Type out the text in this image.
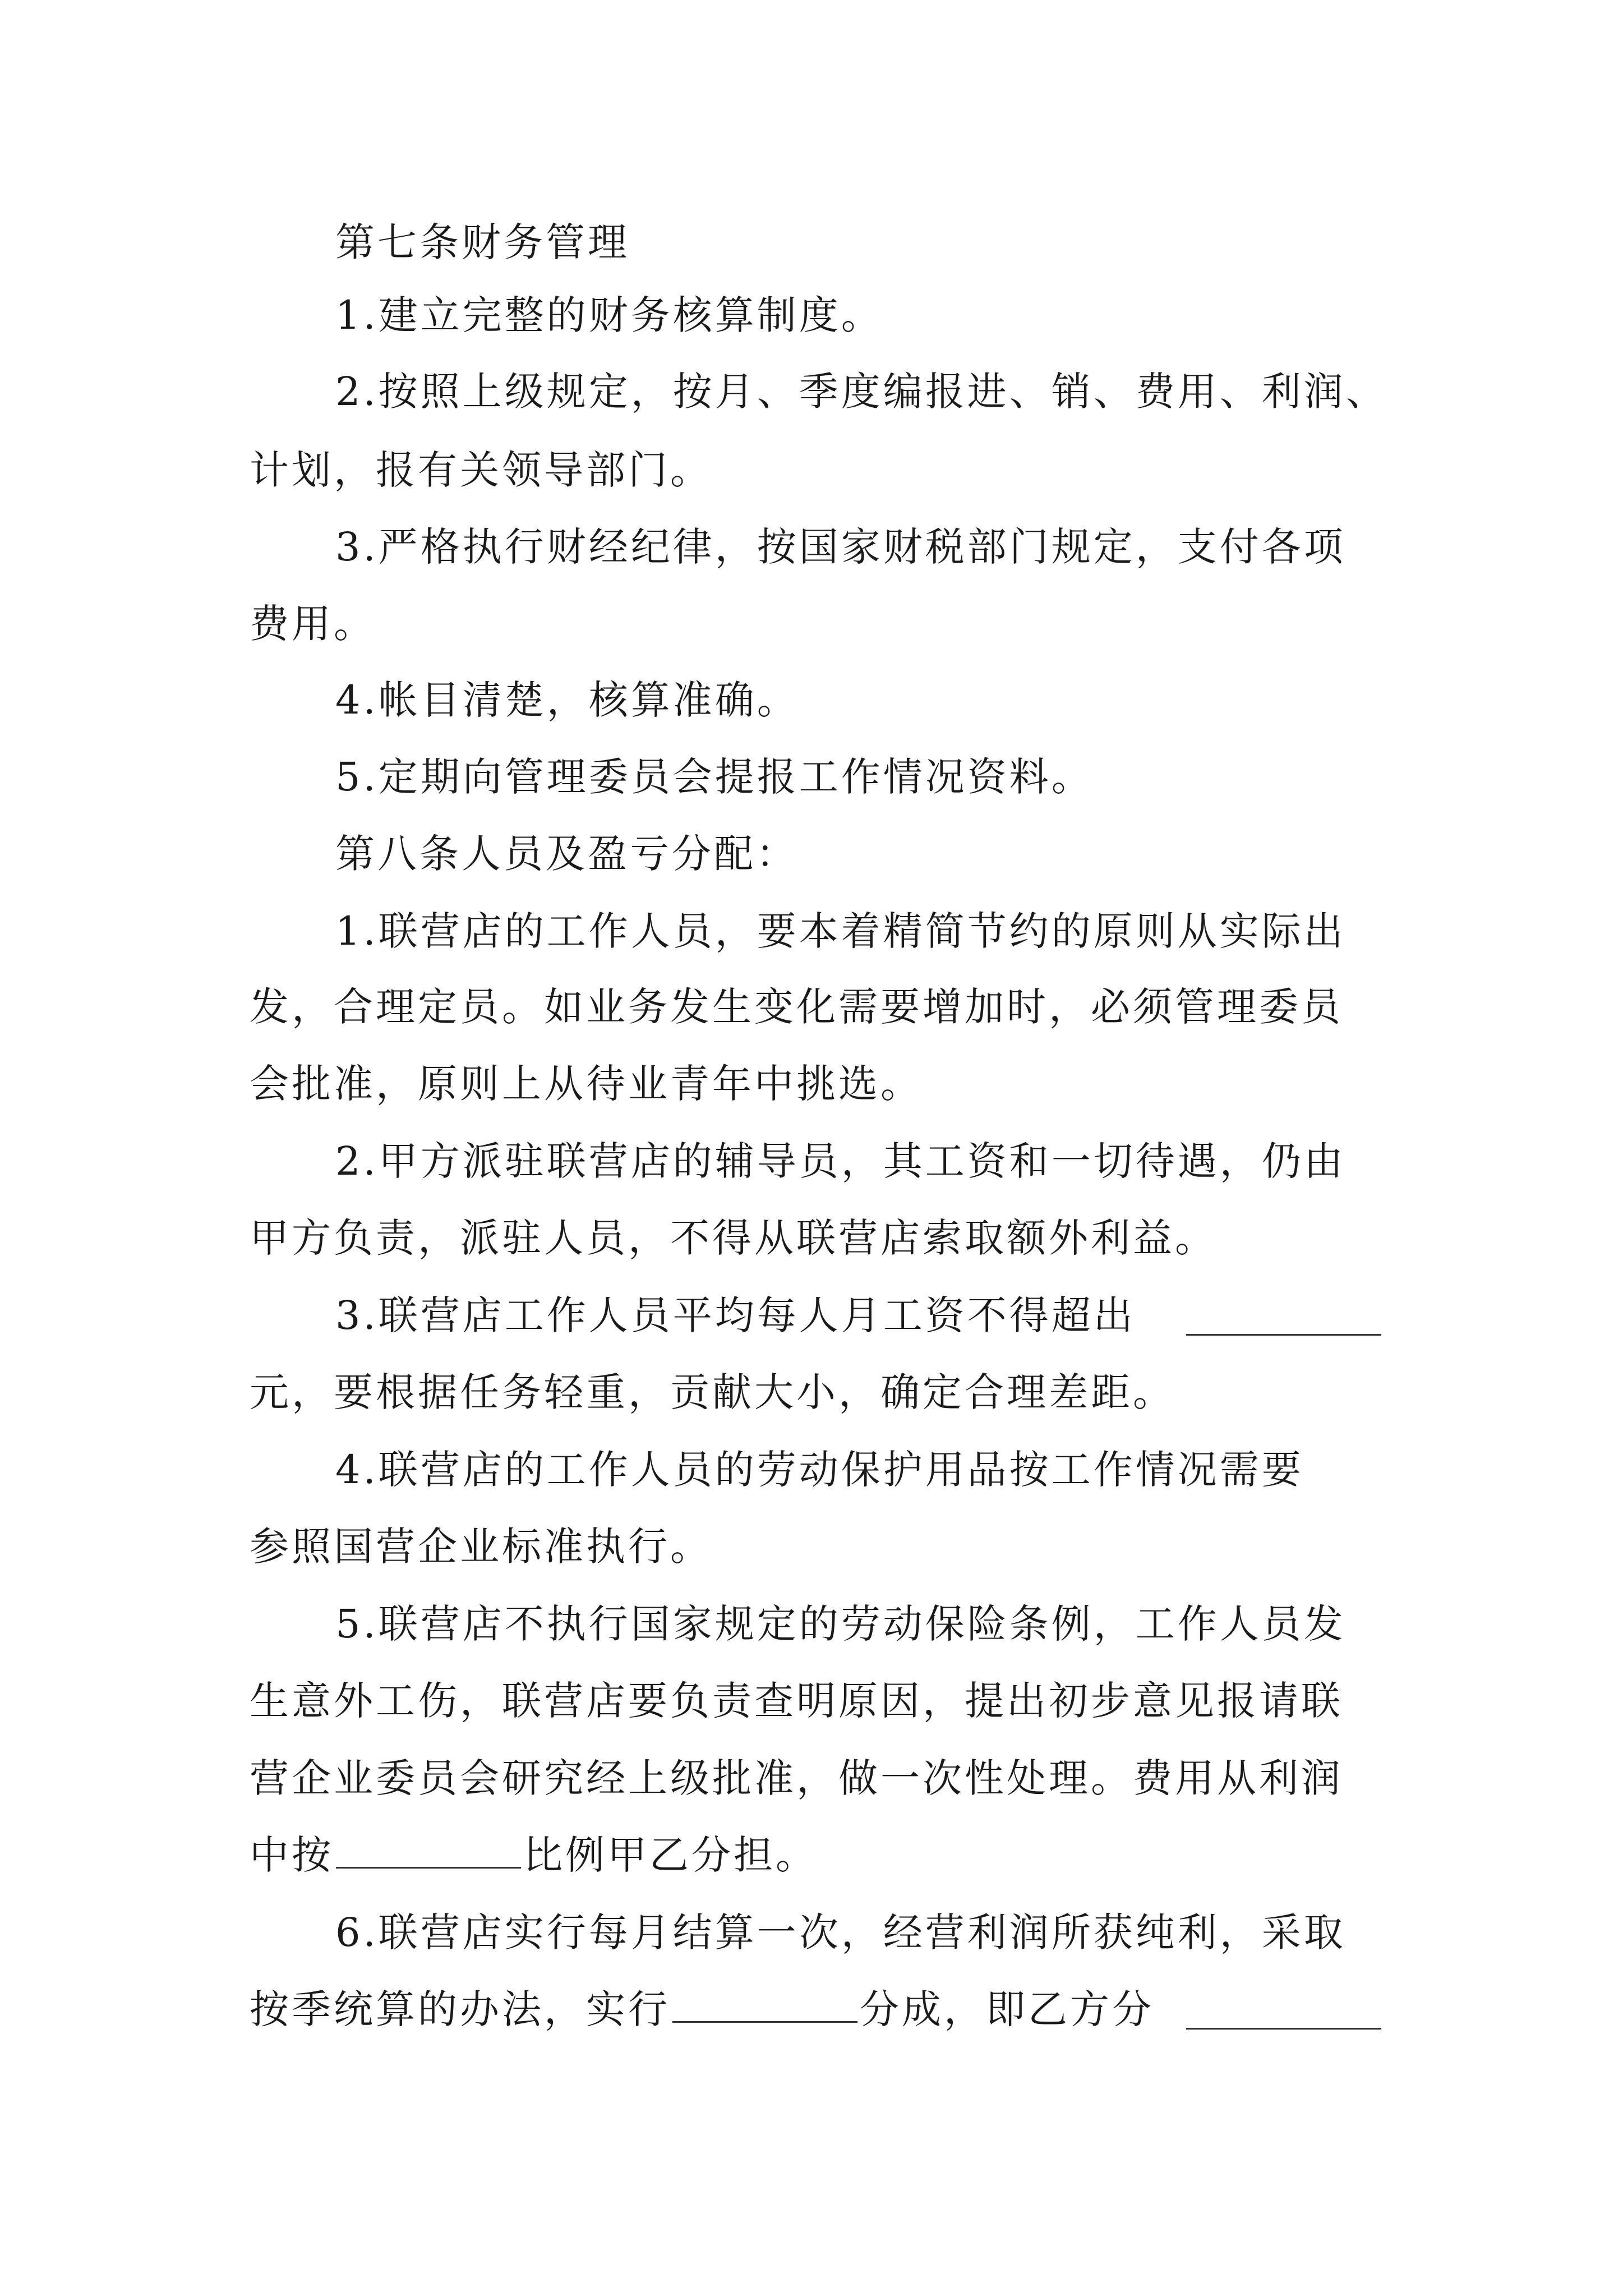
第七条财务管理
1.建立完整的财务核算制度。
2.按照上级规定，按月、季度编报进、销、费用、利润、
计划，报有关领导部门。
3.严格执行财经纪律，按国家财税部门规定，支付各项
费用。
4.帐目清楚，核算准确。
5.定期向管理委员会提报工作情况资料。
第八条人员及盈亏分配：
1.联营店的工作人员，要本着精简节约的原则从实际出
发，合理定员。如业务发生变化需要增加时，必须管理委员
会批准，原则上从待业青年中挑选。
2.甲方派驻联营店的辅导员，其工资和一切待遇，仍由
甲方负责，派驻人员，不得从联营店索取额外利益。
3.联营店工作人员平均每人月工资不得超出
元，要根据任务轻重，贡献大小，确定合理差距。
4.联营店的工作人员的劳动保护用品按工作情况需要
参照国营企业标准执行。
5.联营店不执行国家规定的劳动保险条例，工作人员发
生意外工伤，联营店要负责查明原因，提出初步意见报请联
营企业委员会研究经上级批准，做一次性处理。费用从利润
中按	比例甲乙分担。
6.联营店实行每月结算一次，经营利润所获纯利，采取
按季统算的办法，实行	分成，即乙方分
